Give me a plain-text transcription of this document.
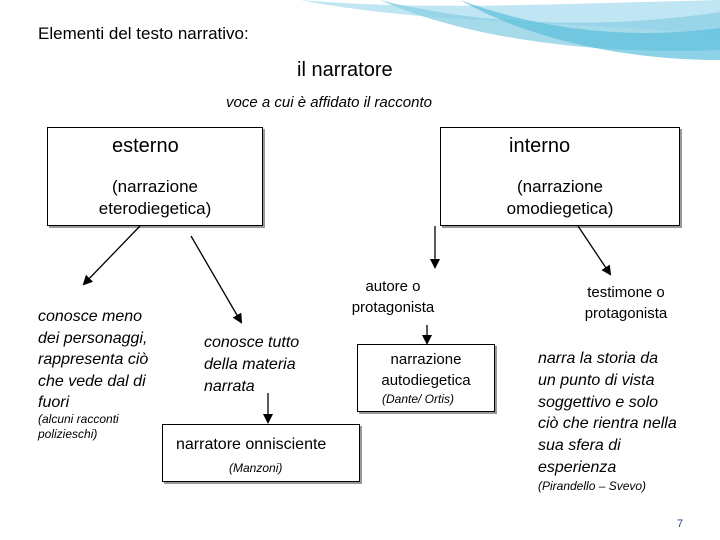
Elementi del testo narrativo:
il narratore
voce a cui è affidato il racconto
esterno
(narrazione
eterodiegetica)
interno
(narrazione
omodiegetica)
conosce meno
dei personaggi,
rappresenta ciò
che vede dal di
fuori
(alcuni racconti
polizieschi)
conosce tutto
della materia
narrata
narratore onnisciente
(Manzoni)
autore o
protagonista
narrazione
autodiegetica
(Dante/ Ortis)
testimone o
protagonista
narra la storia da
un punto di vista
soggettivo e solo
ciò che rientra nella
sua sfera di
esperienza
(Pirandello – Svevo)
7
